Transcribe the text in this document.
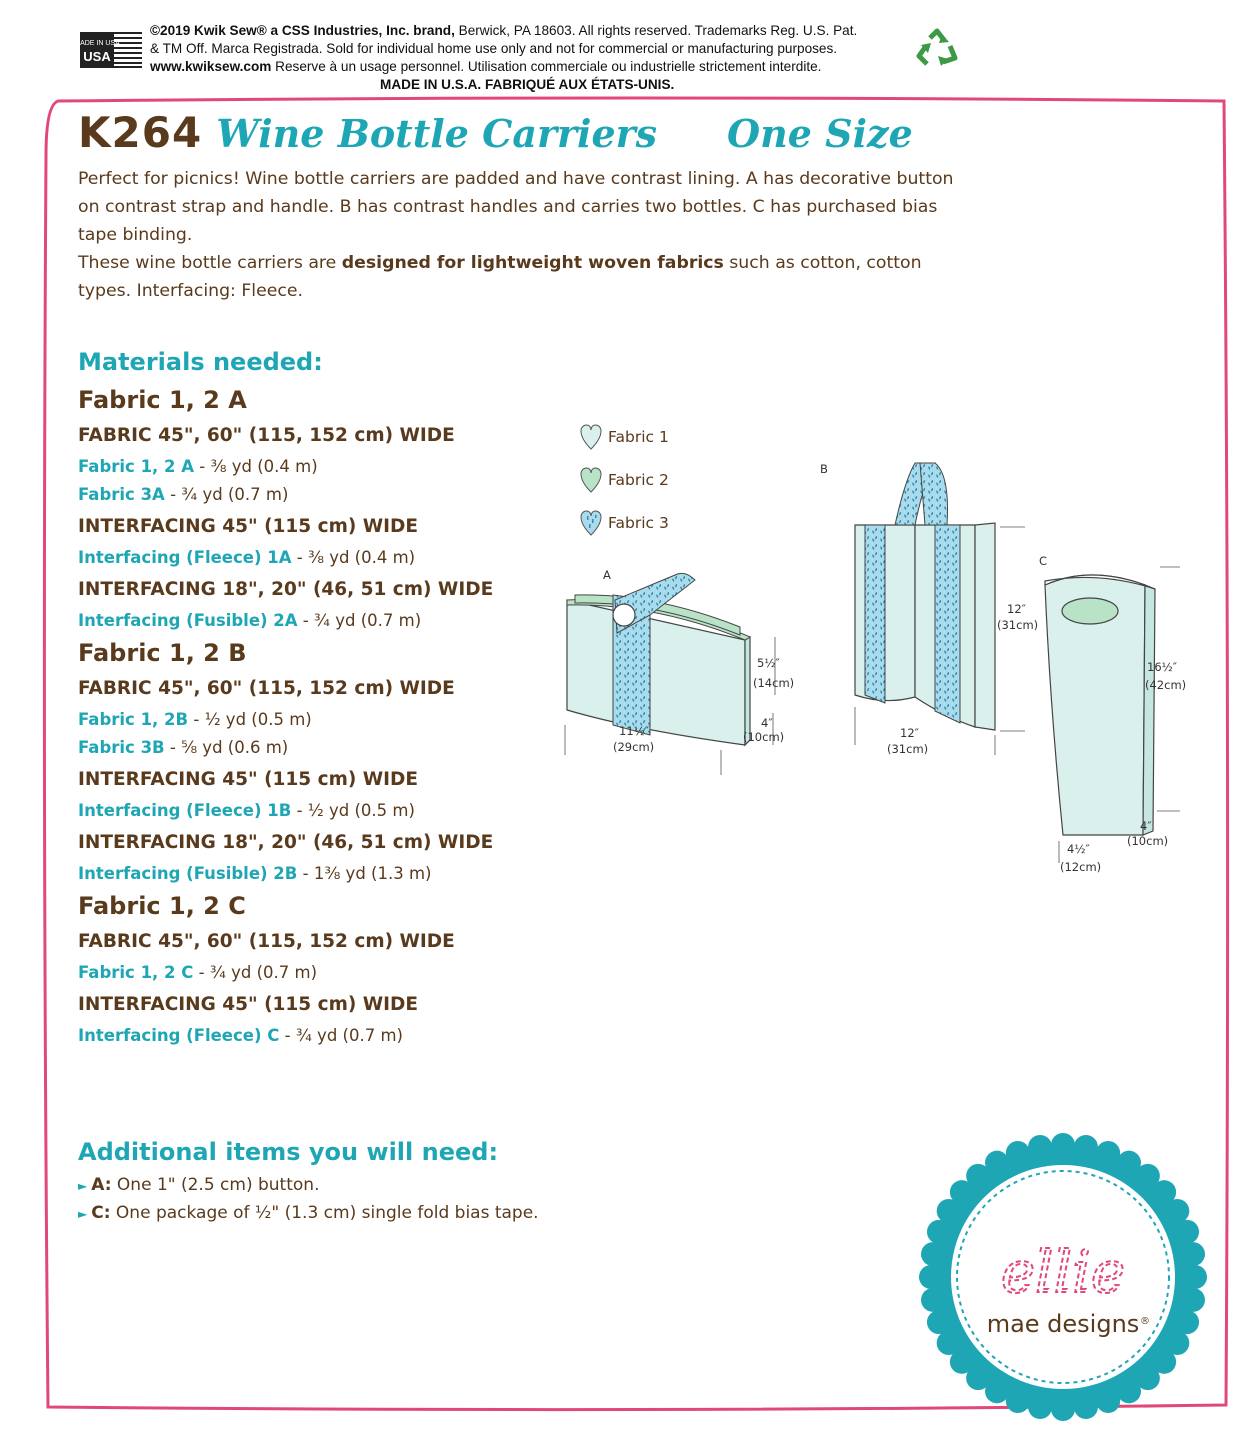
MADE IN USA
USA
©2019 Kwik Sew® a CSS Industries, Inc. brand, Berwick, PA 18603. All rights reserved. Trademarks Reg. U.S. Pat.
& TM Off. Marca Registrada. Sold for individual home use only and not for commercial or manufacturing purposes.
www.kwiksew.com Reserve à un usage personnel. Utilisation commerciale ou industrielle strictement interdite.
MADE IN U.S.A. FABRIQUÉ AUX ÉTATS-UNIS.
K264 Wine Bottle Carriers One Size

Perfect for picnics! Wine bottle carriers are padded and have contrast lining. A has decorative button on contrast strap and handle. B has contrast handles and carries two bottles. C has purchased bias tape binding.

These wine bottle carriers are designed for lightweight woven fabrics such as cotton, cotton types. Interfacing: Fleece.

Materials needed:

Fabric 1, 2 A

FABRIC 45", 60" (115, 152 cm) WIDE

Fabric 1, 2 A - ⅜ yd (0.4 m)

Fabric 3A - ¾ yd (0.7 m)

INTERFACING 45" (115 cm) WIDE

Interfacing (Fleece) 1A - ⅜ yd (0.4 m)

INTERFACING 18", 20" (46, 51 cm) WIDE

Interfacing (Fusible) 2A - ¾ yd (0.7 m)

Fabric 1, 2 B

FABRIC 45", 60" (115, 152 cm) WIDE

Fabric 1, 2B - ½ yd (0.5 m)

Fabric 3B - ⅝ yd (0.6 m)

INTERFACING 45" (115 cm) WIDE

Interfacing (Fleece) 1B - ½ yd (0.5 m)

INTERFACING 18", 20" (46, 51 cm) WIDE

Interfacing (Fusible) 2B - 1⅜ yd (1.3 m)

Fabric 1, 2 C

FABRIC 45", 60" (115, 152 cm) WIDE

Fabric 1, 2 C - ¾ yd (0.7 m)

INTERFACING 45" (115 cm) WIDE

Interfacing (Fleece) C - ¾ yd (0.7 m)

Additional items you will need:
► A: One 1" (2.5 cm) button.
► C: One package of ½" (1.3 cm) single fold bias tape.
Fabric 1
Fabric 2
Fabric 3
A
5½″
(14cm)
4″
(10cm)
11½″
(29cm)
B
12″
(31cm)
12″
(31cm)
C
16½″
(42cm)
4″
(10cm)
4½″
(12cm)
ellie
mae designs ®
